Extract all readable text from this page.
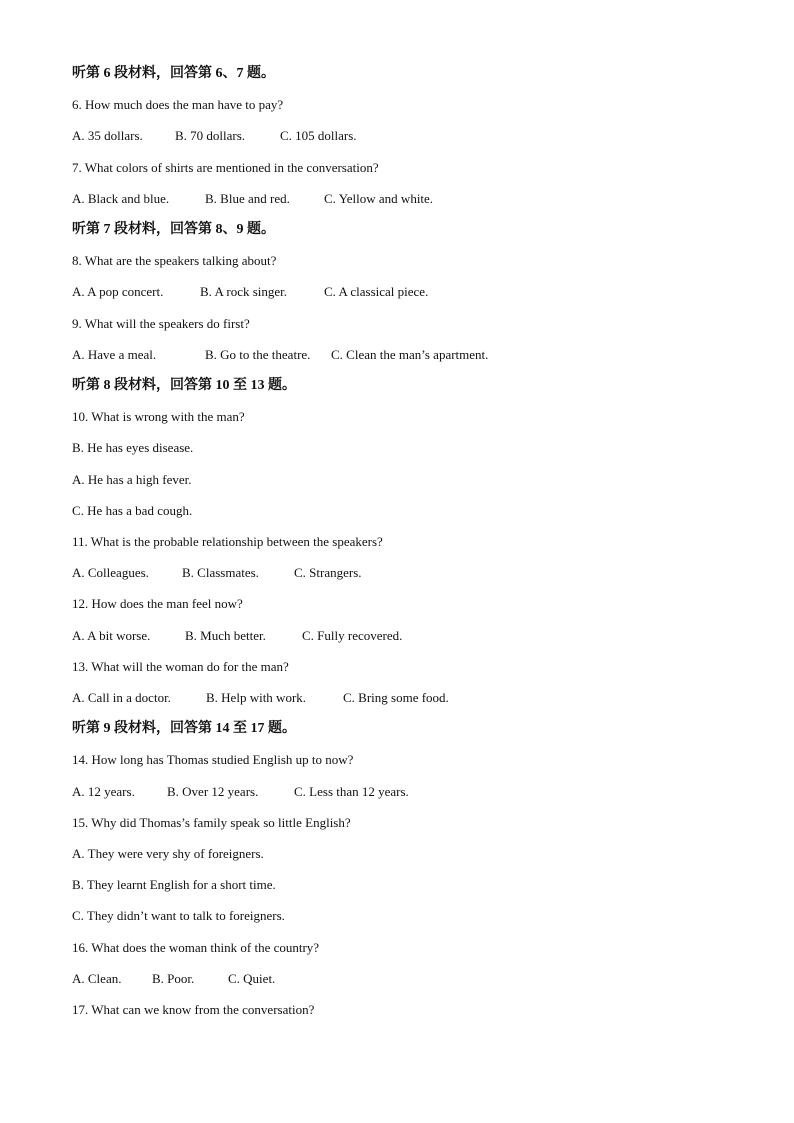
听第 6 段材料，回答第 6、7 题。
6. How much does the man have to pay?
A. 35 dollars. B. 70 dollars.	C. 105 dollars.
7. What colors of shirts are mentioned in the conversation?
A. Black and blue.	B. Blue and red.	C. Yellow and white.
听第 7 段材料，回答第 8、9 题。
8. What are the speakers talking about?
A. A pop concert.	B. A rock singer.	C. A classical piece.
9. What will the speakers do first?
A. Have a meal.	B. Go to the theatre. C. Clean the man’s apartment.
听第 8 段材料，回答第 10 至 13 题。
10. What is wrong with the man?
B. He has eyes disease.
A. He has a high fever.
C. He has a bad cough.
11. What is the probable relationship between the speakers?
A. Colleagues.	B. Classmates.	C. Strangers.
12. How does the man feel now?
A. A bit worse.	B. Much better.	C. Fully recovered.
13. What will the woman do for the man?
A. Call in a doctor.	B. Help with work.	C. Bring some food.
听第 9 段材料，回答第 14 至 17 题。
14. How long has Thomas studied English up to now?
A. 12 years. B. Over 12 years.	C. Less than 12 years.
15. Why did Thomas’s family speak so little English?
A. They were very shy of foreigners.
B. They learnt English for a short time.
C. They didn’t want to talk to foreigners.
16. What does the woman think of the country?
A. Clean. B. Poor.	C. Quiet.
17. What can we know from the conversation?
